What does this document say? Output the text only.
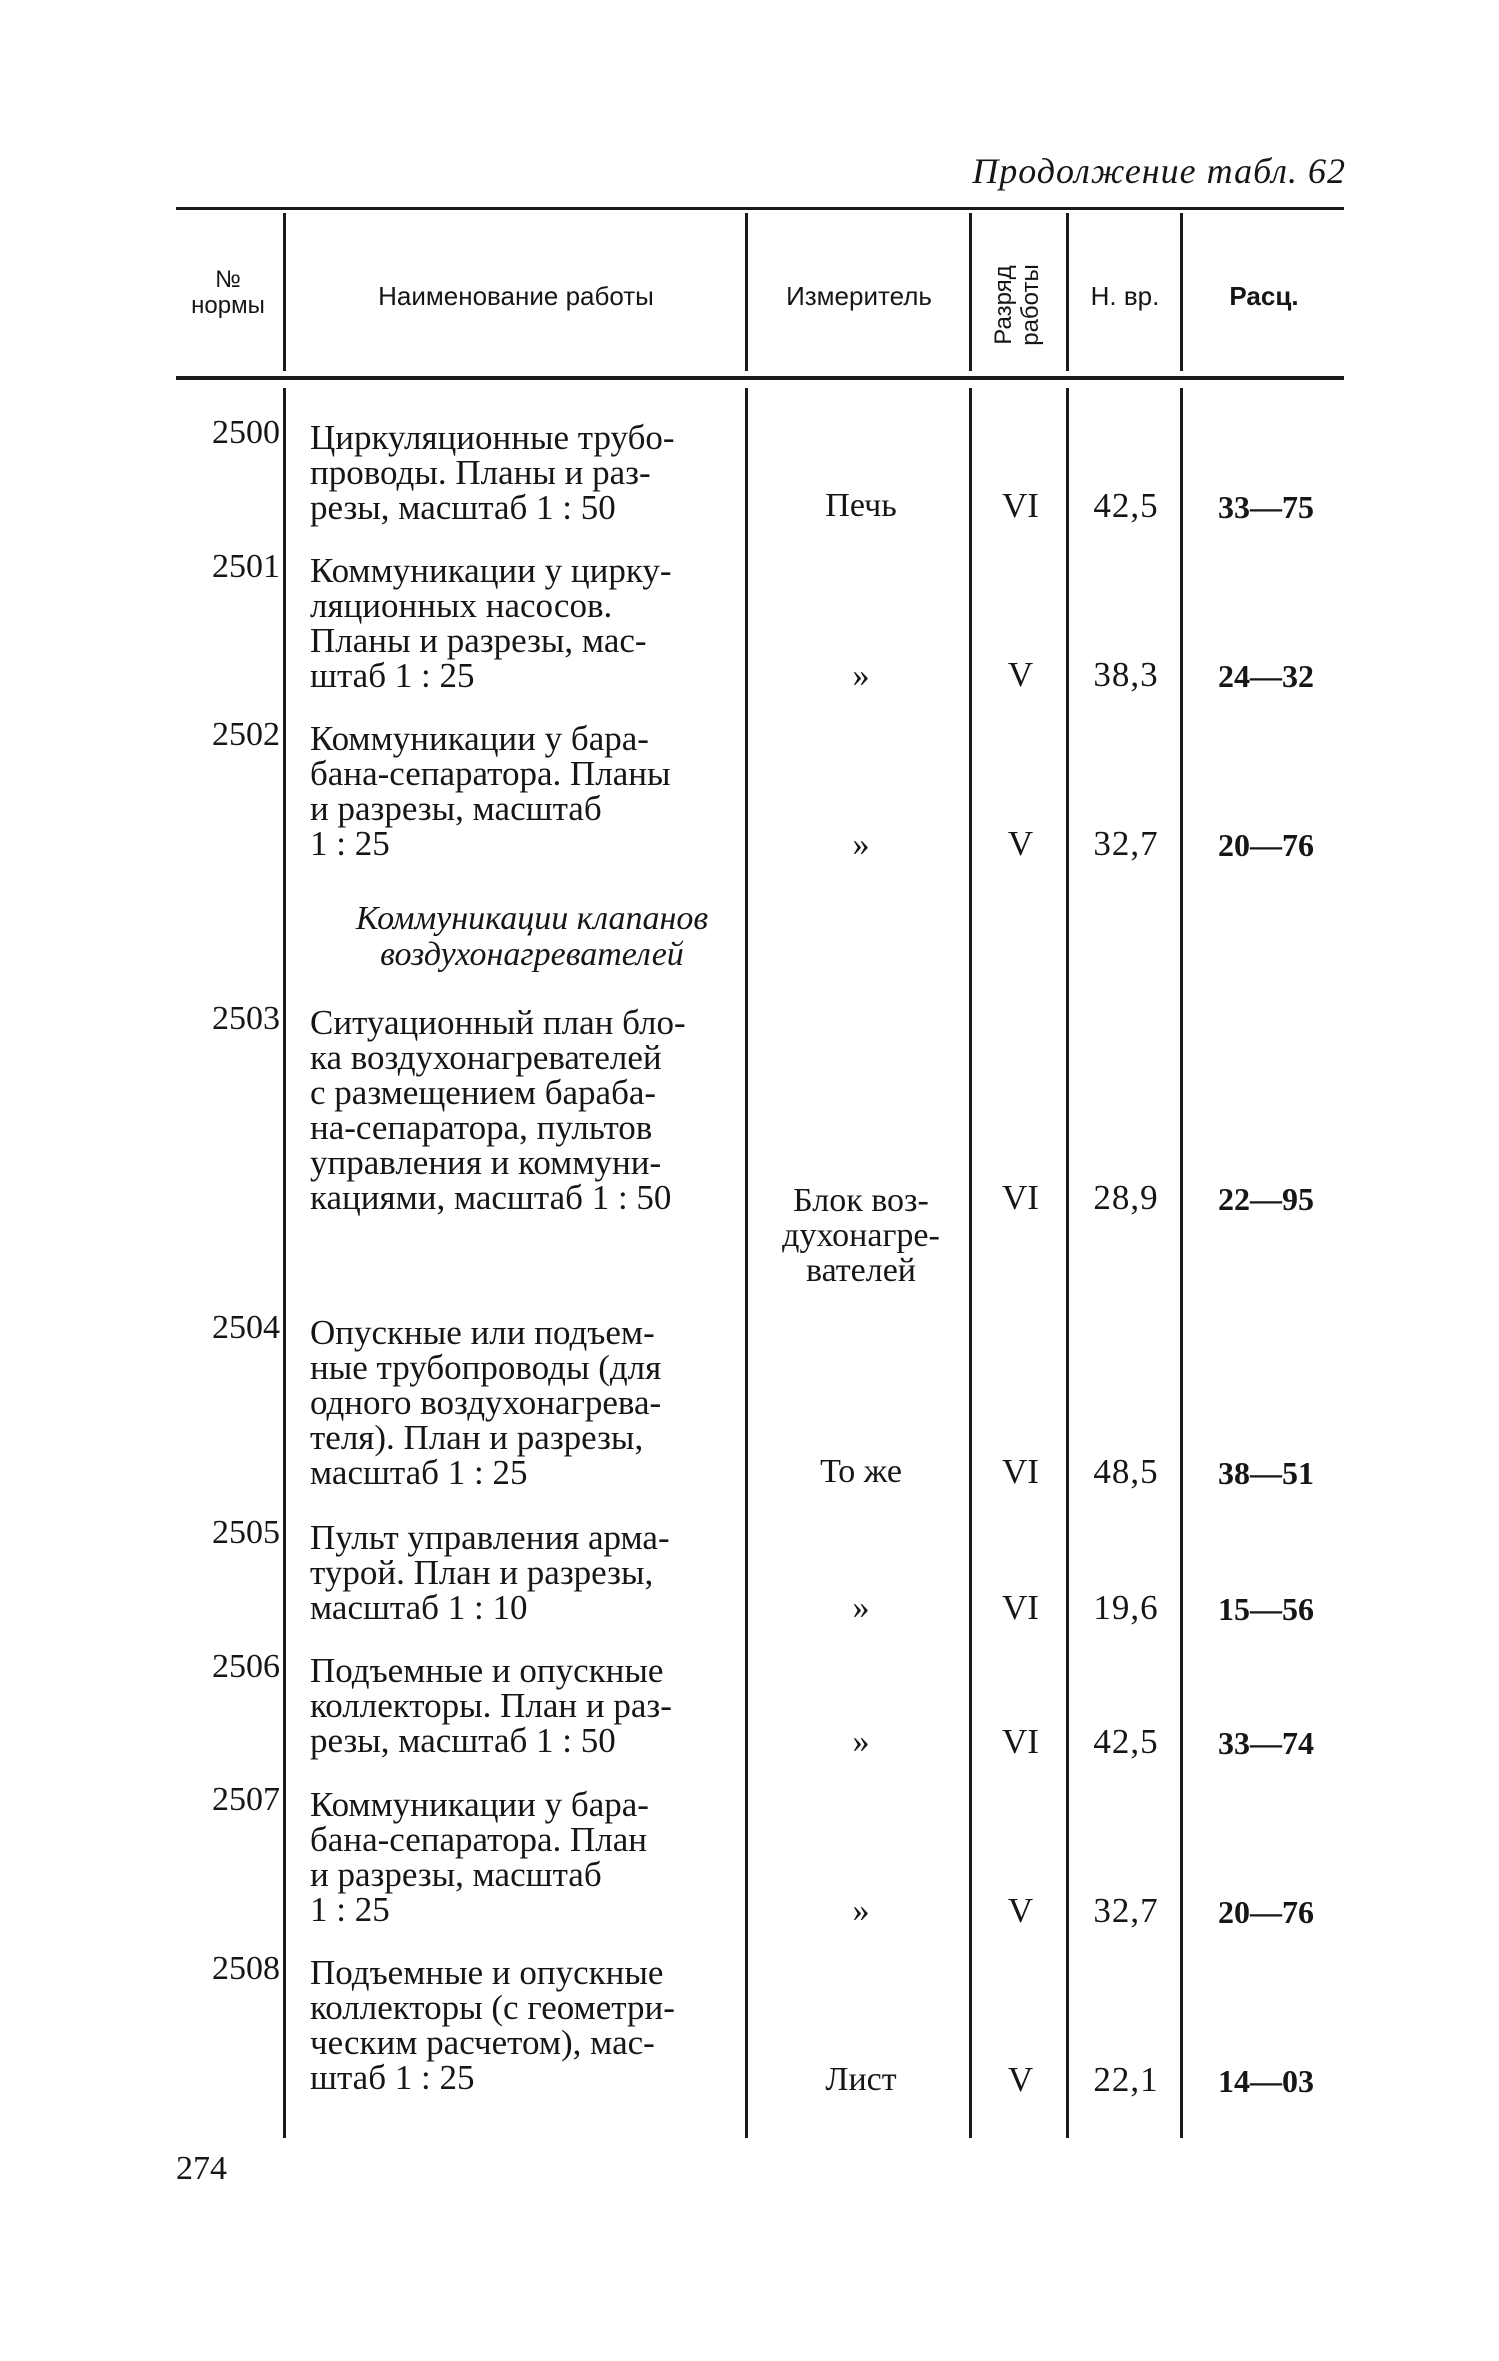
Продолжение табл. 62
№
нормы	Наименование работы	Измеритель	Разряд работы	Н. вр.	Расц.
2500 Циркуляционные трубо-
проводы. Планы и раз-
резы, масштаб 1 : 50	Печь	VI	42,5	33—75
2501 Коммуникации у цирку-
ляционных насосов.
Планы и разрезы, мас-
штаб 1 : 25	»	V	38,3	24—32
2502 Коммуникации у бара-
бана-сепаратора. Планы
и разрезы, масштаб
1 : 25	»	V	32,7	20—76
Коммуникации клапанов
воздухонагревателей
2503 Ситуационный план бло-
ка воздухонагревателей
с размещением бараба-
на-сепаратора, пультов
управления и коммуни-
кациями, масштаб 1 : 50	Блок воз-
духонагре-
вателей
VI	28,9	22—95
2504 Опускные или подъем-
ные трубопроводы (для
одного воздухонагрева-
теля). План и разрезы,
масштаб 1 : 25	То же	VI	48,5	38—51
2505 Пульт управления арма-
турой. План и разрезы,
масштаб 1 : 10	»	VI	19,6	15—56
2506 Подъемные и опускные
коллекторы. План и раз-
резы, масштаб 1 : 50	»	VI	42,5	33—74
2507 Коммуникации у бара-
бана-сепаратора. План
и разрезы, масштаб
1 : 25	»	V	32,7	20—76
2508 Подъемные и опускные
коллекторы (с геометри-
ческим расчетом), мас-
штаб 1 : 25	Лист	V	22,1	14—03
274
